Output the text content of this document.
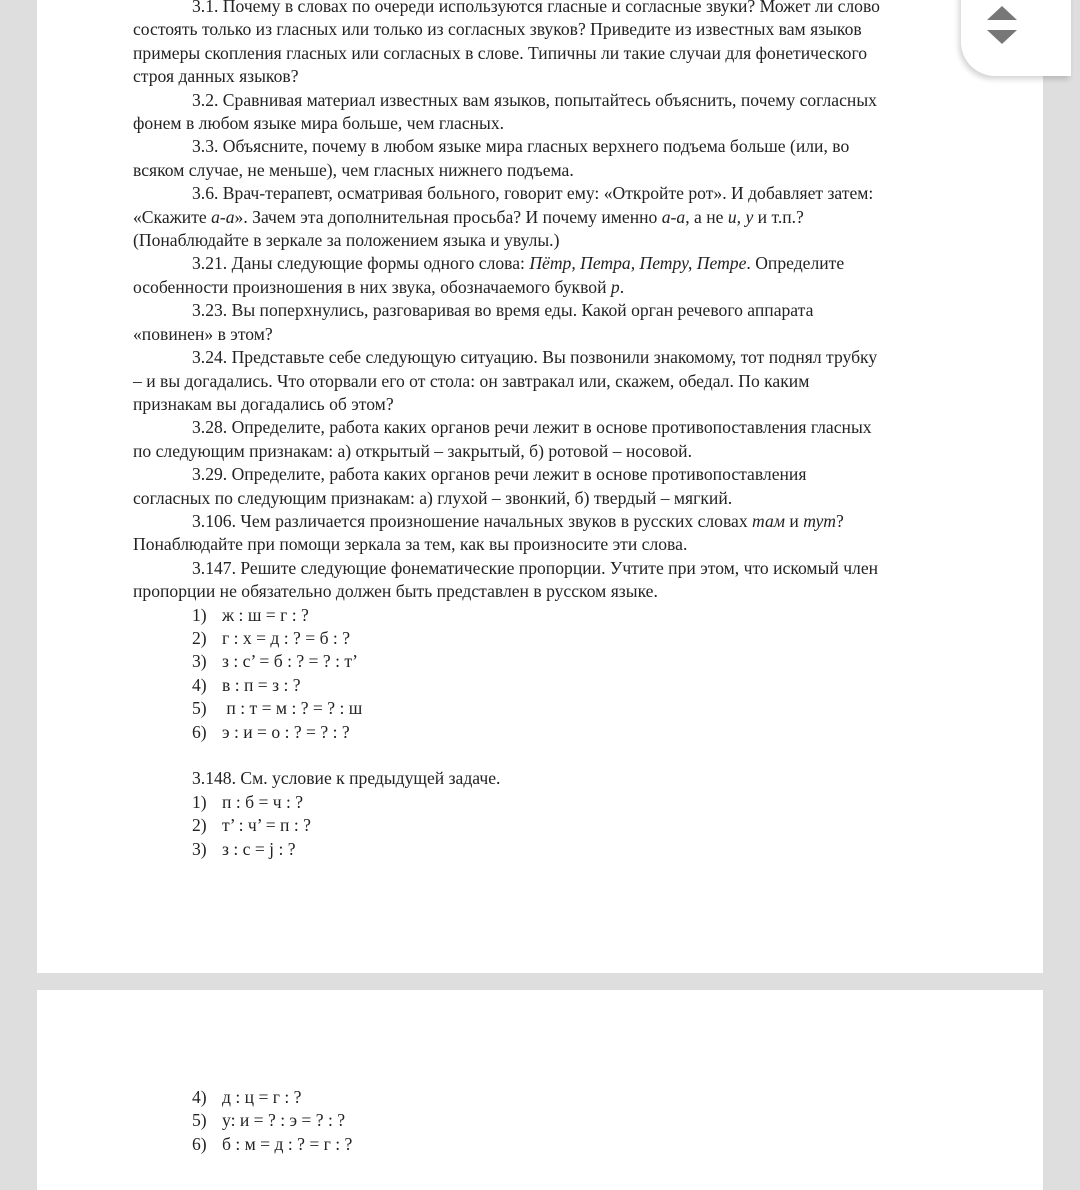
3.1. Почему в словах по очереди используются гласные и согласные звуки? Может ли слово
состоять только из гласных или только из согласных звуков? Приведите из известных вам языков
примеры скопления гласных или согласных в слове. Типичны ли такие случаи для фонетического
строя данных языков?

3.2. Сравнивая материал известных вам языков, попытайтесь объяснить, почему согласных
фонем в любом языке мира больше, чем гласных.

3.3. Объясните, почему в любом языке мира гласных верхнего подъема больше (или, во
всяком случае, не меньше), чем гласных нижнего подъема.

3.6. Врач-терапевт, осматривая больного, говорит ему: «Откройте рот». И добавляет затем:
«Скажите а-а». Зачем эта дополнительная просьба? И почему именно а-а, а не и, у и т.п.?
(Понаблюдайте в зеркале за положением языка и увулы.)

3.21. Даны следующие формы одного слова: Пётр, Петра, Петру, Петре. Определите
особенности произношения в них звука, обозначаемого буквой р.

3.23. Вы поперхнулись, разговаривая во время еды. Какой орган речевого аппарата
«повинен» в этом?

3.24. Представьте себе следующую ситуацию. Вы позвонили знакомому, тот поднял трубку
– и вы догадались. Что оторвали его от стола: он завтракал или, скажем, обедал. По каким
признакам вы догадались об этом?

3.28. Определите, работа каких органов речи лежит в основе противопоставления гласных
по следующим признакам: а) открытый – закрытый, б) ротовой – носовой.

3.29. Определите, работа каких органов речи лежит в основе противопоставления
согласных по следующим признакам: а) глухой – звонкий, б) твердый – мягкий.

3.106. Чем различается произношение начальных звуков в русских словах там и тут?
Понаблюдайте при помощи зеркала за тем, как вы произносите эти слова.

3.147. Решите следующие фонематические пропорции. Учтите при этом, что искомый член
пропорции не обязательно должен быть представлен в русском языке.

1) ж : ш = г : ?
2) г : х = д : ? = б : ?
3) з : с’ = б : ? = ? : т’
4) в : п = з : ?
5) п : т = м : ? = ? : ш
6) э : и = о : ? = ? : ?

3.148. См. условие к предыдущей задаче.

1) п : б = ч : ?
2) т’ : ч’ = п : ?
3) з : с = j : ?
4) д : ц = г : ?
5) у: и = ? : э = ? : ?
6) б : м = д : ? = г : ?
